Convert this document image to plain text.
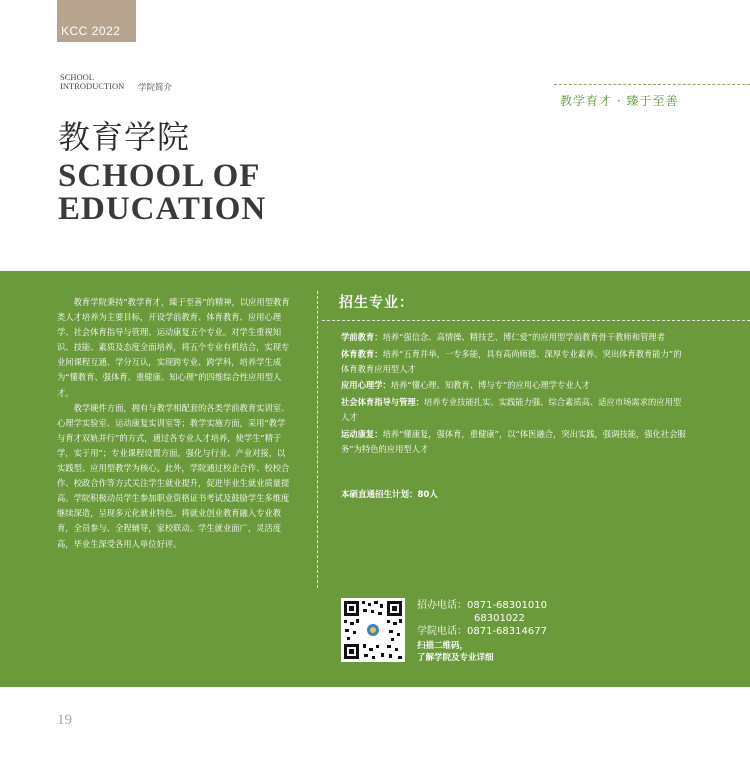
KCC 2022
SCHOOL
INTRODUCTION 学院简介
教学育才 · 臻于至善
教育学院
SCHOOL OF
EDUCATION

教育学院秉持“教学育才，臻于至善”的精神，以应用型教育类人才培养为主要目标，开设学前教育、体育教育、应用心理学、社会体育指导与管理、运动康复五个专业。对学生重视知识、技能、素质及态度全面培养，将五个专业有机结合，实现专业间课程互通、学分互认，实现跨专业、跨学科，培养学生成为“懂教育、强体育、重健康、知心理”的四维综合性应用型人才。

教学硬件方面，拥有与教学相配套的各类学前教育实训室、心理学实验室、运动康复实训室等；教学实施方面，采用“教学与育才双轨并行”的方式，通过各专业人才培养，使学生“精于学，实于用”；专业课程设置方面，强化与行业、产业对接，以实践型、应用型教学为核心。此外，学院通过校企合作、校校合作、校政合作等方式关注学生就业提升，促进毕业生就业质量提高。学院积极动员学生参加职业资格证书考试及鼓励学生多维度继续深造，呈现多元化就业特色。将就业创业教育融入专业教育，全员参与、全程辅导，家校联动。学生就业面广，灵活度高，毕业生深受各用人单位好评。

招生专业：
学前教育：培养“强信念、高情操、精技艺、博仁爱”的应用型学前教育骨干教师和管理者
体育教育：培养“五育并举，一专多能，具有高尚师德、深厚专业素养、突出体育教育能力”的体育教育应用型人才
应用心理学：培养“懂心理、知教育、博与专”的应用心理学专业人才
社会体育指导与管理：培养专业技能扎实、实践能力强、综合素质高、适应市场需求的应用型人才
运动康复：培养“懂康复，强体育，重健康”，以“体医融合，突出实践，强调技能，强化社会服务”为特色的应用型人才
本硕直通招生计划：80人
招办电话：0871-68301010
68301022
学院电话：0871-68314677
扫描二维码，
了解学院及专业详细
19
